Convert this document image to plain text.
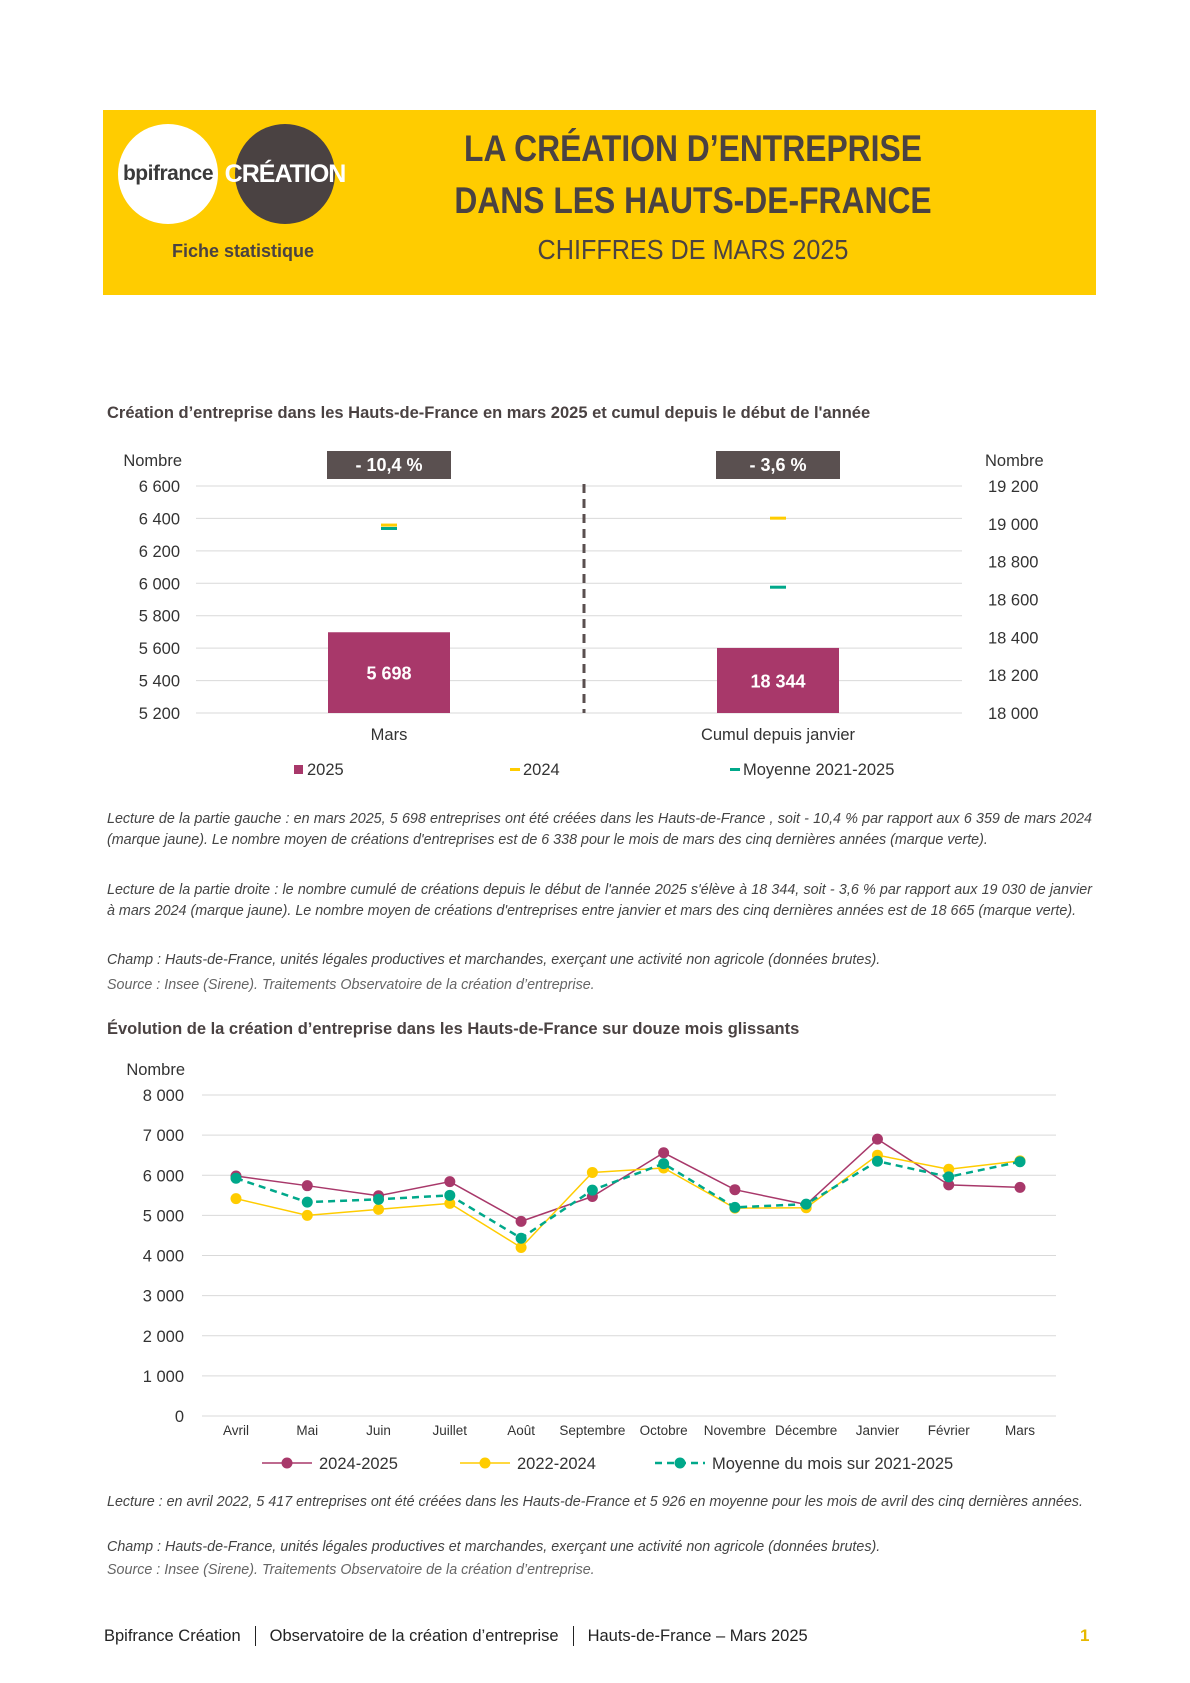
bpifrance CRÉATION
Fiche statistique
LA CRÉATION D’ENTREPRISE
DANS LES HAUTS-DE-FRANCE
CHIFFRES DE MARS 2025
Création d’entreprise dans les Hauts-de-France en mars 2025 et cumul depuis le début de l'année
Nombre	Nombre
5 200
5 400
5 600
5 800
6 000
6 200
6 400
6 600
18 000
18 200
18 400
18 600
18 800
19 000
19 200
5 698
- 10,4 %
Mars
18 344
- 3,6 %
Cumul depuis janvier
2025	2024	Moyenne 2021-2025
Lecture de la partie gauche : en mars 2025, 5 698 entreprises ont été créées dans les Hauts-de-France , soit - 10,4 % par rapport aux 6 359 de mars 2024 (marque jaune). Le nombre moyen de créations d'entreprises est de 6 338 pour le mois de mars des cinq dernières années (marque verte).
Lecture de la partie droite : le nombre cumulé de créations depuis le début de l'année 2025 s'élève à 18 344, soit - 3,6 % par rapport aux 19 030 de janvier à mars 2024 (marque jaune). Le nombre moyen de créations d'entreprises entre janvier et mars des cinq dernières années est de 18 665 (marque verte).
Champ : Hauts-de-France, unités légales productives et marchandes, exerçant une activité non agricole (données brutes).
Source : Insee (Sirene). Traitements Observatoire de la création d’entreprise.
Évolution de la création d’entreprise dans les Hauts-de-France sur douze mois glissants
Nombre
0
1 000
2 000
3 000
4 000
5 000
6 000
7 000
8 000
Avril	Mai	Juin	Juillet	Août Septembre Octobre Novembre Décembre Janvier Février	Mars
2024-2025	2022-2024	Moyenne du mois sur 2021-2025
Lecture : en avril 2022, 5 417 entreprises ont été créées dans les Hauts-de-France et 5 926 en moyenne pour les mois de avril des cinq dernières années.
Champ : Hauts-de-France, unités légales productives et marchandes, exerçant une activité non agricole (données brutes).
Source : Insee (Sirene). Traitements Observatoire de la création d’entreprise.
Bpifrance Création Observatoire de la création d’entreprise Hauts-de-France – Mars 2025	1
